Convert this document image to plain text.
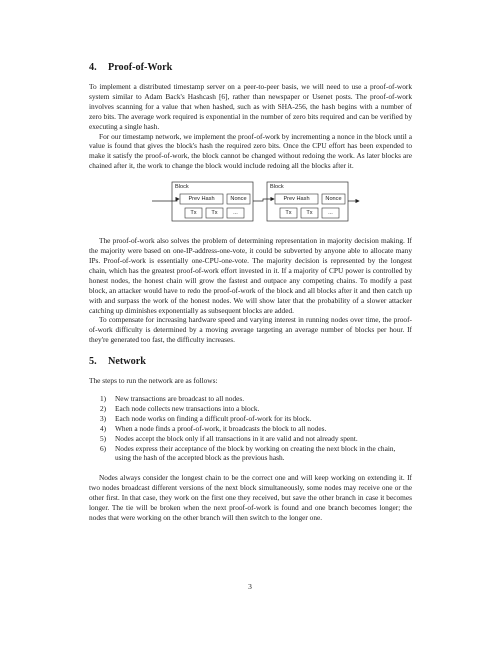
4. Proof-of-Work

To implement a distributed timestamp server on a peer-to-peer basis, we will need to use a proof-of-work system similar to Adam Back's Hashcash [6], rather than newspaper or Usenet posts. The proof-of-work involves scanning for a value that when hashed, such as with SHA-256, the hash begins with a number of zero bits. The average work required is exponential in the number of zero bits required and can be verified by executing a single hash.

For our timestamp network, we implement the proof-of-work by incrementing a nonce in the block until a value is found that gives the block's hash the required zero bits. Once the CPU effort has been expended to make it satisfy the proof-of-work, the block cannot be changed without redoing the work. As later blocks are chained after it, the work to change the block would include redoing all the blocks after it.

Block
Prev Hash	Nonce
Tx	Tx	...
Block
Prev Hash	Nonce
Tx	Tx	...

The proof-of-work also solves the problem of determining representation in majority decision making. If the majority were based on one-IP-address-one-vote, it could be subverted by anyone able to allocate many IPs. Proof-of-work is essentially one-CPU-one-vote. The majority decision is represented by the longest chain, which has the greatest proof-of-work effort invested in it. If a majority of CPU power is controlled by honest nodes, the honest chain will grow the fastest and outpace any competing chains. To modify a past block, an attacker would have to redo the proof-of-work of the block and all blocks after it and then catch up with and surpass the work of the honest nodes. We will show later that the probability of a slower attacker catching up diminishes exponentially as subsequent blocks are added.

To compensate for increasing hardware speed and varying interest in running nodes over time, the proof-of-work difficulty is determined by a moving average targeting an average number of blocks per hour. If they're generated too fast, the difficulty increases.

5. Network

The steps to run the network are as follows:

1)	New transactions are broadcast to all nodes.
2)	Each node collects new transactions into a block.
3)	Each node works on finding a difficult proof-of-work for its block.
4)	When a node finds a proof-of-work, it broadcasts the block to all nodes.
5)	Nodes accept the block only if all transactions in it are valid and not already spent.
6)	Nodes express their acceptance of the block by working on creating the next block in the chain, using the hash of the accepted block as the previous hash.

Nodes always consider the longest chain to be the correct one and will keep working on extending it. If two nodes broadcast different versions of the next block simultaneously, some nodes may receive one or the other first. In that case, they work on the first one they received, but save the other branch in case it becomes longer. The tie will be broken when the next proof-of-work is found and one branch becomes longer; the nodes that were working on the other branch will then switch to the longer one.

3
